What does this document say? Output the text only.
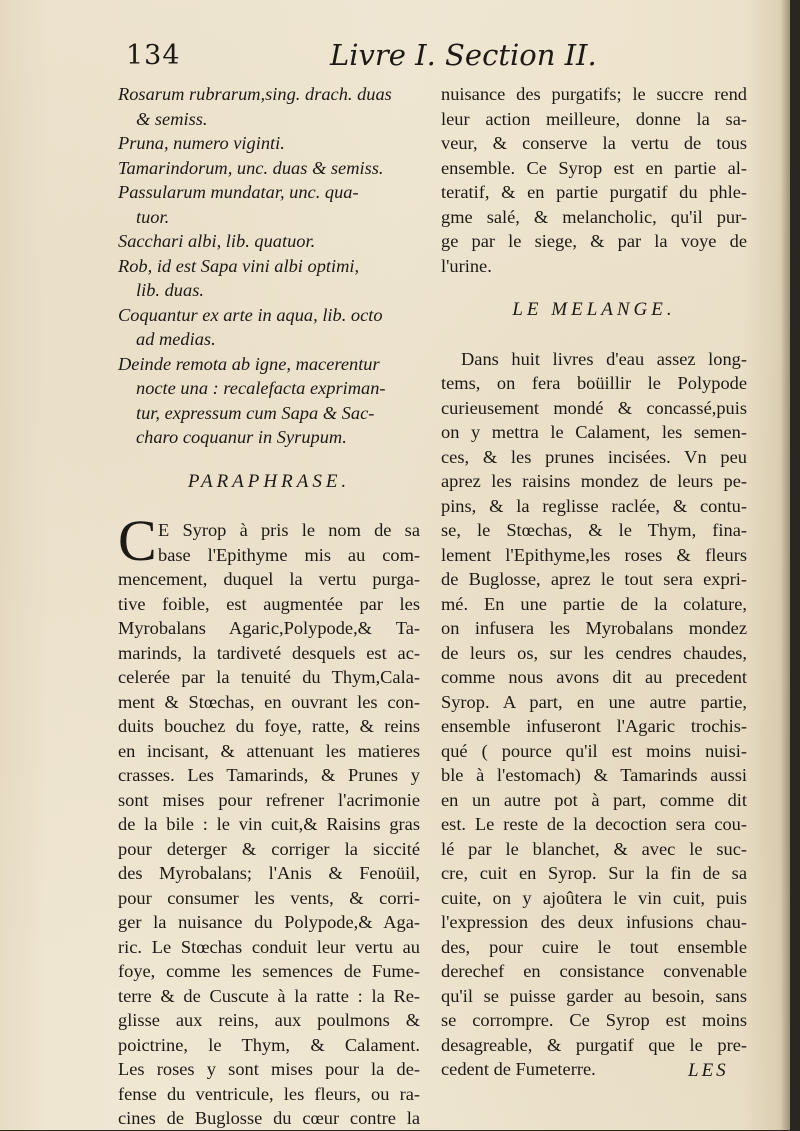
134	Livre I. Section II.
Rosarum rubrarum,sing. drach. duas
& semiss.
Pruna, numero viginti.
Tamarindorum, unc. duas & semiss.
Passularum mundatar, unc. qua-
tuor.
Sacchari albi, lib. quatuor.
Rob, id est Sapa vini albi optimi,
lib. duas.
Coquantur ex arte in aqua, lib. octo
ad medias.
Deinde remota ab igne, macerentur
nocte una : recalefacta expriman-
tur, expressum cum Sapa & Sac-
charo coquanur in Syrupum.
PARAPHRASE.
C E Syrop à pris le nom de sa
base l'Epithyme mis au com-
mencement, duquel la vertu purga-
tive foible, est augmentée par les
Myrobalans Agaric,Polypode,& Ta-
marinds, la tardiveté desquels est ac-
celerée par la tenuité du Thym,Cala-
ment & Stœchas, en ouvrant les con-
duits bouchez du foye, ratte, & reins
en incisant, & attenuant les matieres
crasses. Les Tamarinds, & Prunes y
sont mises pour refrener l'acrimonie
de la bile : le vin cuit,& Raisins gras
pour deterger & corriger la siccité
des Myrobalans; l'Anis & Fenoüil,
pour consumer les vents, & corri-
ger la nuisance du Polypode,& Aga-
ric. Le Stœchas conduit leur vertu au
foye, comme les semences de Fume-
terre & de Cuscute à la ratte : la Re-
glisse aux reins, aux poulmons &
poictrine, le Thym, & Calament.
Les roses y sont mises pour la de-
fense du ventricule, les fleurs, ou ra-
cines de Buglosse du cœur contre la
nuisance des purgatifs; le succre rend
leur action meilleure, donne la sa-
veur, & conserve la vertu de tous
ensemble. Ce Syrop est en partie al-
teratif, & en partie purgatif du phle-
gme salé, & melancholic, qu'il pur-
ge par le siege, & par la voye de
l'urine.
LE MELANGE.
Dans huit livres d'eau assez long-
tems, on fera boüillir le Polypode
curieusement mondé & concassé,puis
on y mettra le Calament, les semen-
ces, & les prunes incisées. Vn peu
aprez les raisins mondez de leurs pe-
pins, & la reglisse raclée, & contu-
se, le Stœchas, & le Thym, fina-
lement l'Epithyme,les roses & fleurs
de Buglosse, aprez le tout sera expri-
mé. En une partie de la colature,
on infusera les Myrobalans mondez
de leurs os, sur les cendres chaudes,
comme nous avons dit au precedent
Syrop. A part, en une autre partie,
ensemble infuseront l'Agaric trochis-
qué ( pource qu'il est moins nuisi-
ble à l'estomach) & Tamarinds aussi
en un autre pot à part, comme dit
est. Le reste de la decoction sera cou-
lé par le blanchet, & avec le suc-
cre, cuit en Syrop. Sur la fin de sa
cuite, on y ajoûtera le vin cuit, puis
l'expression des deux infusions chau-
des, pour cuire le tout ensemble
derechef en consistance convenable
qu'il se puisse garder au besoin, sans
se corrompre. Ce Syrop est moins
desagreable, & purgatif que le pre-
cedent de Fumeterre.	LES
